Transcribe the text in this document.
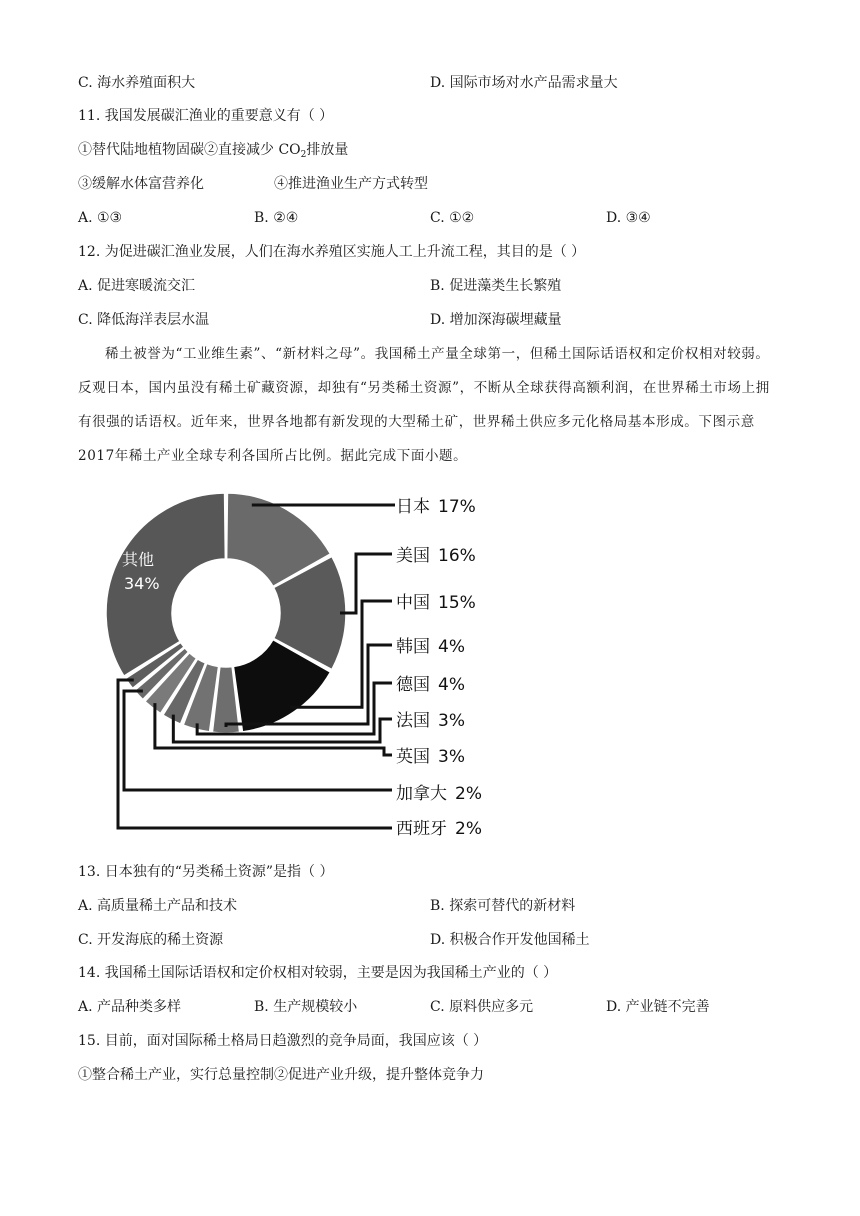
C. 海水养殖面积大	D. 国际市场对水产品需求量大
11. 我国发展碳汇渔业的重要意义有（ ）
①替代陆地植物固碳②直接减少 $CO_2$排放量
③缓解水体富营养化	④推进渔业生产方式转型
A. ①③	B. ②④	C. ①②	D. ③④
12. 为促进碳汇渔业发展，人们在海水养殖区实施人工上升流工程，其目的是（ ）
A. 促进寒暖流交汇	B. 促进藻类生长繁殖
C. 降低海洋表层水温	D. 增加深海碳埋藏量
稀土被誉为“工业维生素”、“新材料之母”。我国稀土产量全球第一，但稀土国际话语权和定价权相对较弱。反观日本，国内虽没有稀土矿藏资源，却独有“另类稀土资源”，不断从全球获得高额利润，在世界稀土市场上拥有很强的话语权。近年来，世界各地都有新发现的大型稀土矿，世界稀土供应多元化格局基本形成。下图示意2017年稀土产业全球专利各国所占比例。据此完成下面小题。
日本 17%
美国 16%
中国 15%
韩国 4%
德国 4%
法国 3%
英国 3%
加拿大 2%
西班牙 2%
其他
34%
13. 日本独有的“另类稀土资源”是指（ ）
A. 高质量稀土产品和技术	B. 探索可替代的新材料
C. 开发海底的稀土资源	D. 积极合作开发他国稀土
14. 我国稀土国际话语权和定价权相对较弱，主要是因为我国稀土产业的（ ）
A. 产品种类多样	B. 生产规模较小	C. 原料供应多元	D. 产业链不完善
15. 目前，面对国际稀土格局日趋激烈的竞争局面，我国应该（ ）
①整合稀土产业，实行总量控制②促进产业升级，提升整体竞争力
